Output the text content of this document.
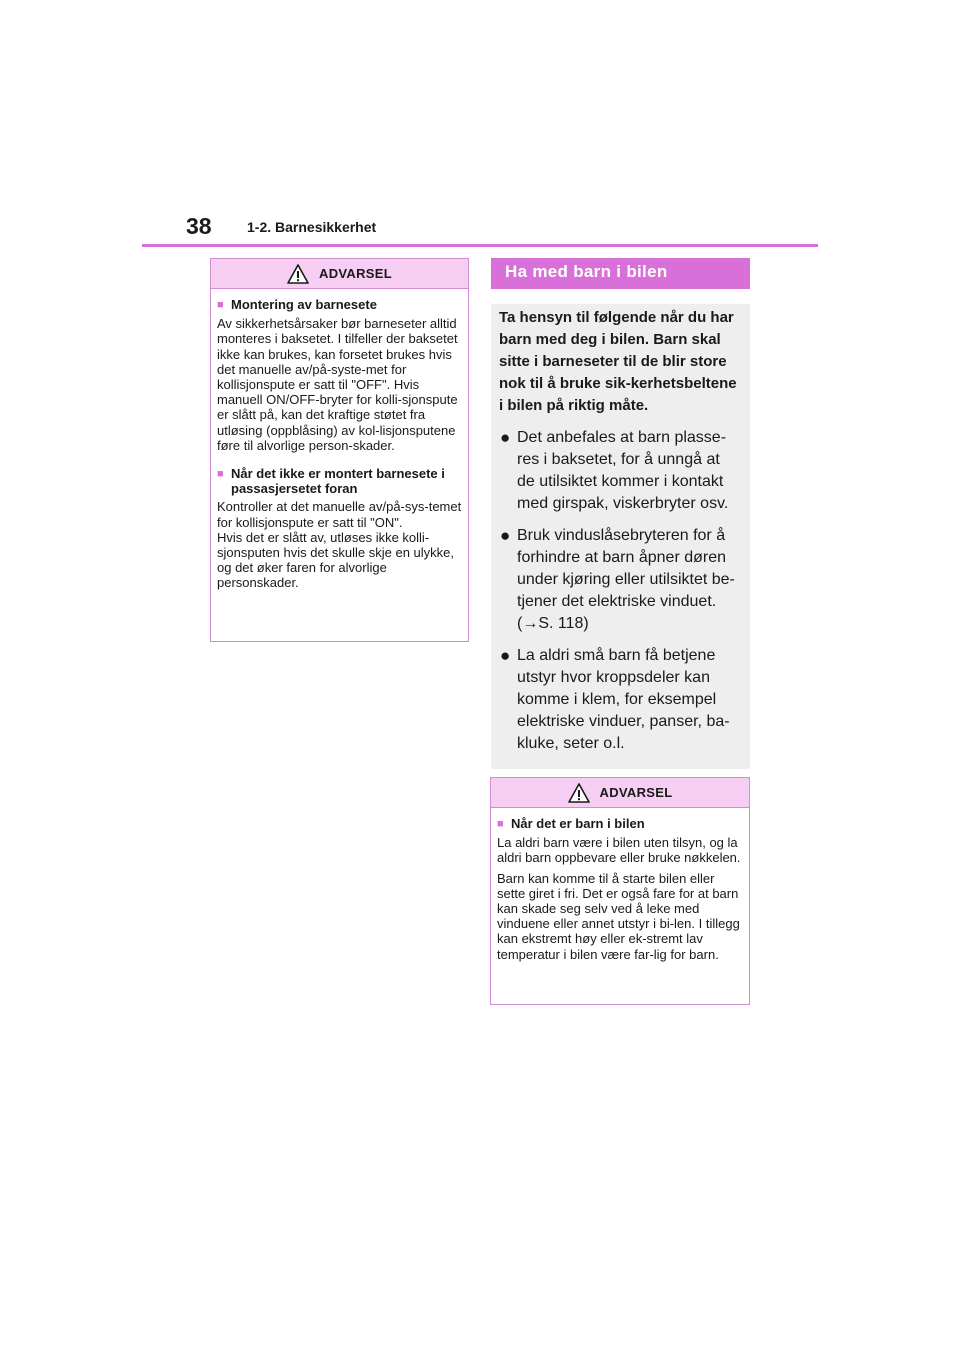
38	1-2. Barnesikkerhet
ADVARSEL
■ Montering av barnesete

Av sikkerhetsårsaker bør barneseter alltid monteres i baksetet. I tilfeller der baksetet ikke kan brukes, kan forsetet brukes hvis det manuelle av/på-syste-met for kollisjonspute er satt til "OFF". Hvis manuell ON/OFF-bryter for kolli-sjonspute er slått på, kan det kraftige støtet fra utløsing (oppblåsing) av kol-lisjonsputene føre til alvorlige person-skader.

■ Når det ikke er montert barnesete i passasjersetet foran

Kontroller at det manuelle av/på-sys-temet for kollisjonspute er satt til "ON".

Hvis det er slått av, utløses ikke kolli-sjonsputen hvis det skulle skje en ulykke, og det øker faren for alvorlige personskader.

Ha med barn i bilen

Ta hensyn til følgende når du har barn med deg i bilen. Barn skal sitte i barneseter til de blir store nok til å bruke sik-kerhetsbeltene i bilen på riktig måte.

● Det anbefales at barn plasse-res i baksetet, for å unngå at de utilsiktet kommer i kontakt med girspak, viskerbryter osv.
● Bruk vinduslåsebryteren for å forhindre at barn åpner døren under kjøring eller utilsiktet be-tjener det elektriske vinduet. (→S. 118)
● La aldri små barn få betjene utstyr hvor kroppsdeler kan komme i klem, for eksempel elektriske vinduer, panser, ba-kluke, seter o.l.
ADVARSEL
■ Når det er barn i bilen

La aldri barn være i bilen uten tilsyn, og la aldri barn oppbevare eller bruke nøkkelen.

Barn kan komme til å starte bilen eller sette giret i fri. Det er også fare for at barn kan skade seg selv ved å leke med vinduene eller annet utstyr i bi-len. I tillegg kan ekstremt høy eller ek-stremt lav temperatur i bilen være far-lig for barn.
